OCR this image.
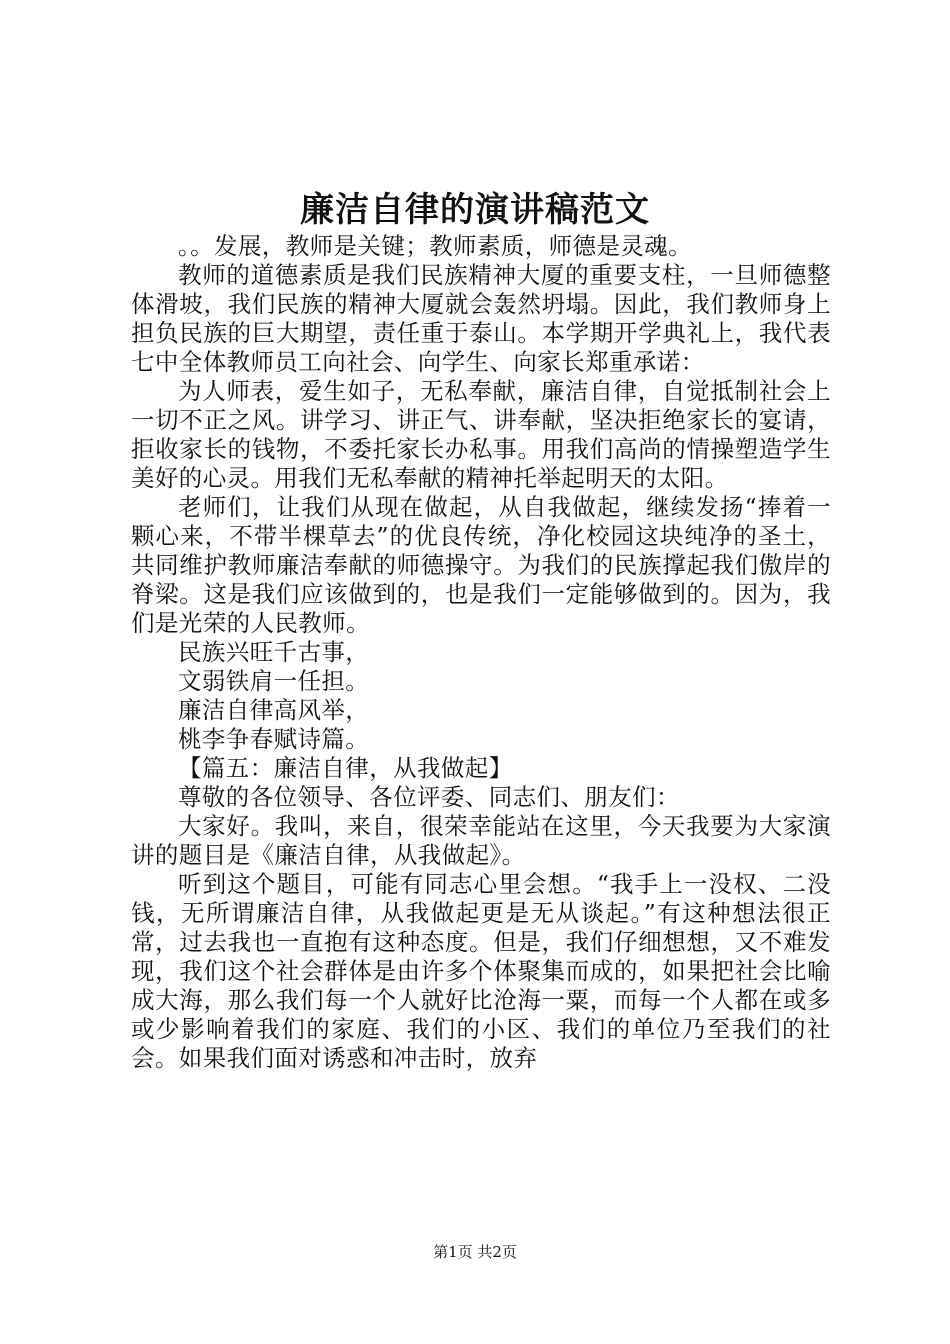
廉洁自律的演讲稿范文

。。发展，教师是关键；教师素质，师德是灵魂。

教师的道德素质是我们民族精神大厦的重要支柱，一旦师德整体滑坡，我们民族的精神大厦就会轰然坍塌。因此，我们教师身上担负民族的巨大期望，责任重于泰山。本学期开学典礼上，我代表七中全体教师员工向社会、向学生、向家长郑重承诺：

为人师表，爱生如子，无私奉献，廉洁自律，自觉抵制社会上一切不正之风。讲学习、讲正气、讲奉献，坚决拒绝家长的宴请，拒收家长的钱物，不委托家长办私事。用我们高尚的情操塑造学生美好的心灵。用我们无私奉献的精神托举起明天的太阳。

老师们，让我们从现在做起，从自我做起，继续发扬“捧着一颗心来，不带半棵草去”的优良传统，净化校园这块纯净的圣土，共同维护教师廉洁奉献的师德操守。为我们的民族撑起我们傲岸的脊梁。这是我们应该做到的，也是我们一定能够做到的。因为，我们是光荣的人民教师。

民族兴旺千古事，

文弱铁肩一任担。

廉洁自律高风举，

桃李争春赋诗篇。

【篇五：廉洁自律，从我做起】

尊敬的各位领导、各位评委、同志们、朋友们：

大家好。我叫，来自，很荣幸能站在这里，今天我要为大家演讲的题目是《廉洁自律，从我做起》。

听到这个题目，可能有同志心里会想。“我手上一没权、二没钱，无所谓廉洁自律，从我做起更是无从谈起。”有这种想法很正常，过去我也一直抱有这种态度。但是，我们仔细想想，又不难发现，我们这个社会群体是由许多个体聚集而成的，如果把社会比喻成大海，那么我们每一个人就好比沧海一粟，而每一个人都在或多或少影响着我们的家庭、我们的小区、我们的单位乃至我们的社会。如果我们面对诱惑和冲击时，放弃

第1页 共2页
